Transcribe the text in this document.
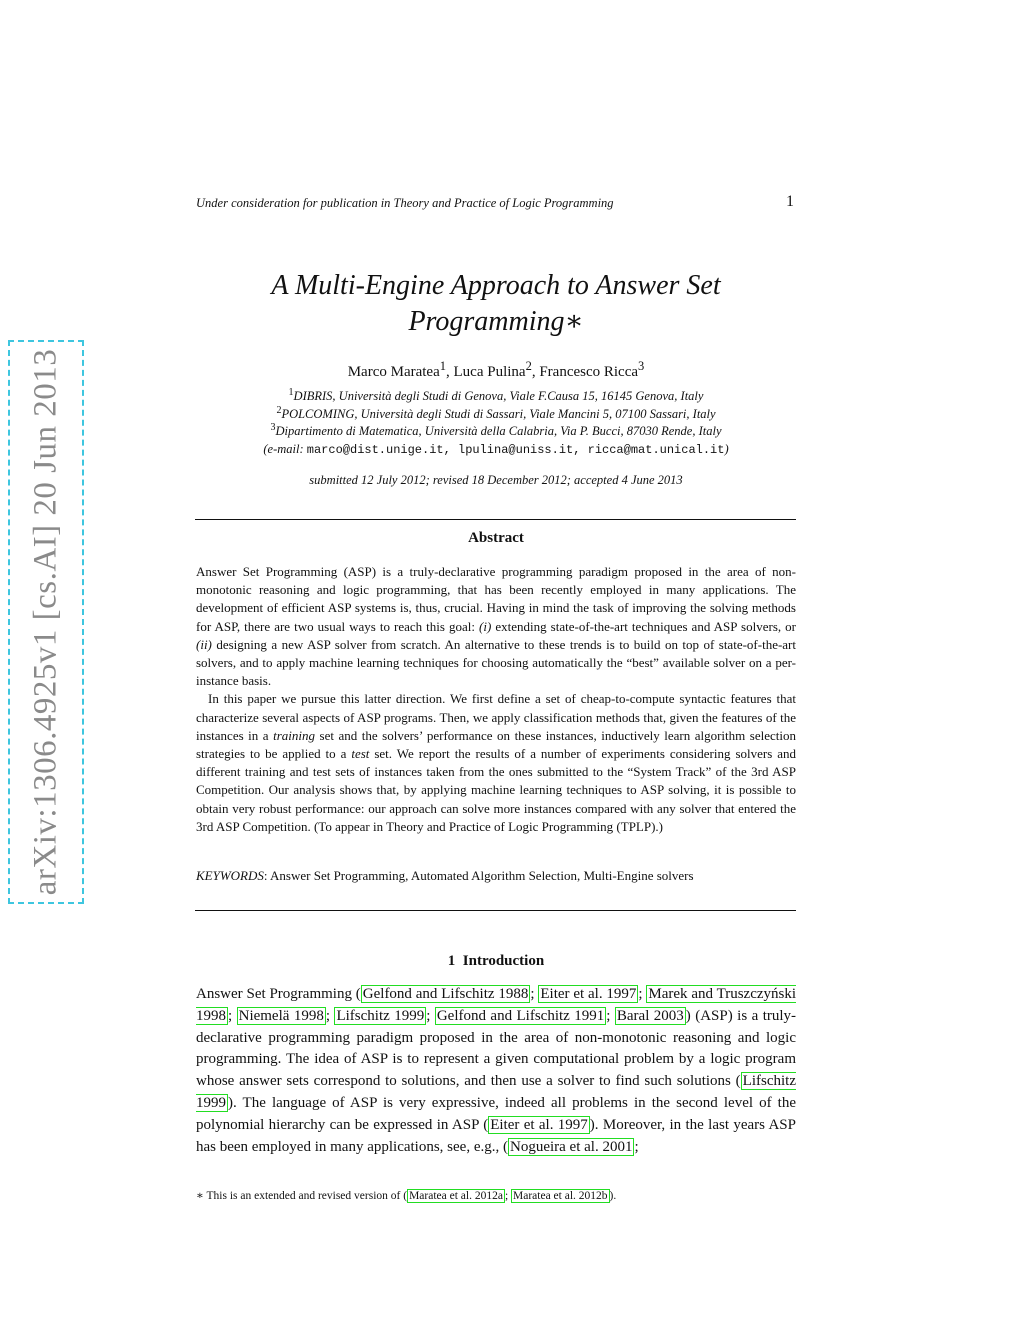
arXiv:1306.4925v1 [cs.AI] 20 Jun 2013
Under consideration for publication in Theory and Practice of Logic Programming	1
A Multi-Engine Approach to Answer Set
Programming∗
Marco Maratea$^1$, Luca Pulina$^2$, Francesco Ricca$^3$
$^1$DIBRIS, Università degli Studi di Genova, Viale F.Causa 15, 16145 Genova, Italy
$^2$POLCOMING, Università degli Studi di Sassari, Viale Mancini 5, 07100 Sassari, Italy
$^3$Dipartimento di Matematica, Università della Calabria, Via P. Bucci, 87030 Rende, Italy
(e-mail: marco@dist.unige.it, lpulina@uniss.it, ricca@mat.unical.it)
submitted 12 July 2012; revised 18 December 2012; accepted 4 June 2013
Abstract

Answer Set Programming (ASP) is a truly-declarative programming paradigm proposed in the area of non-monotonic reasoning and logic programming, that has been recently employed in many applications. The development of efficient ASP systems is, thus, crucial. Having in mind the task of improving the solving methods for ASP, there are two usual ways to reach this goal: (i) extending state-of-the-art techniques and ASP solvers, or (ii) designing a new ASP solver from scratch. An alternative to these trends is to build on top of state-of-the-art solvers, and to apply machine learning techniques for choosing automatically the “best” available solver on a per-instance basis.

In this paper we pursue this latter direction. We first define a set of cheap-to-compute syntactic features that characterize several aspects of ASP programs. Then, we apply classification methods that, given the features of the instances in a training set and the solvers’ performance on these instances, inductively learn algorithm selection strategies to be applied to a test set. We report the results of a number of experiments considering solvers and different training and test sets of instances taken from the ones submitted to the “System Track” of the 3rd ASP Competition. Our analysis shows that, by applying machine learning techniques to ASP solving, it is possible to obtain very robust performance: our approach can solve more instances compared with any solver that entered the 3rd ASP Competition. (To appear in Theory and Practice of Logic Programming (TPLP).)

KEYWORDS: Answer Set Programming, Automated Algorithm Selection, Multi-Engine solvers
1 Introduction

Answer Set Programming ( Gelfond and Lifschitz 1988 ; Eiter et al. 1997 ; Marek and Truszczyński 1998 ; Niemelä 1998 ; Lifschitz 1999 ; Gelfond and Lifschitz 1991 ; Baral 2003 ) (ASP) is a truly-declarative programming paradigm proposed in the area of non-monotonic reasoning and logic programming. The idea of ASP is to represent a given computational problem by a logic program whose answer sets correspond to solutions, and then use a solver to find such solutions ( Lifschitz 1999 ). The language of ASP is very expressive, indeed all problems in the second level of the polynomial hierarchy can be expressed in ASP ( Eiter et al. 1997 ). Moreover, in the last years ASP has been employed in many applications, see, e.g., ( Nogueira et al. 2001 ;

∗ This is an extended and revised version of ( Maratea et al. 2012a ; Maratea et al. 2012b ).
